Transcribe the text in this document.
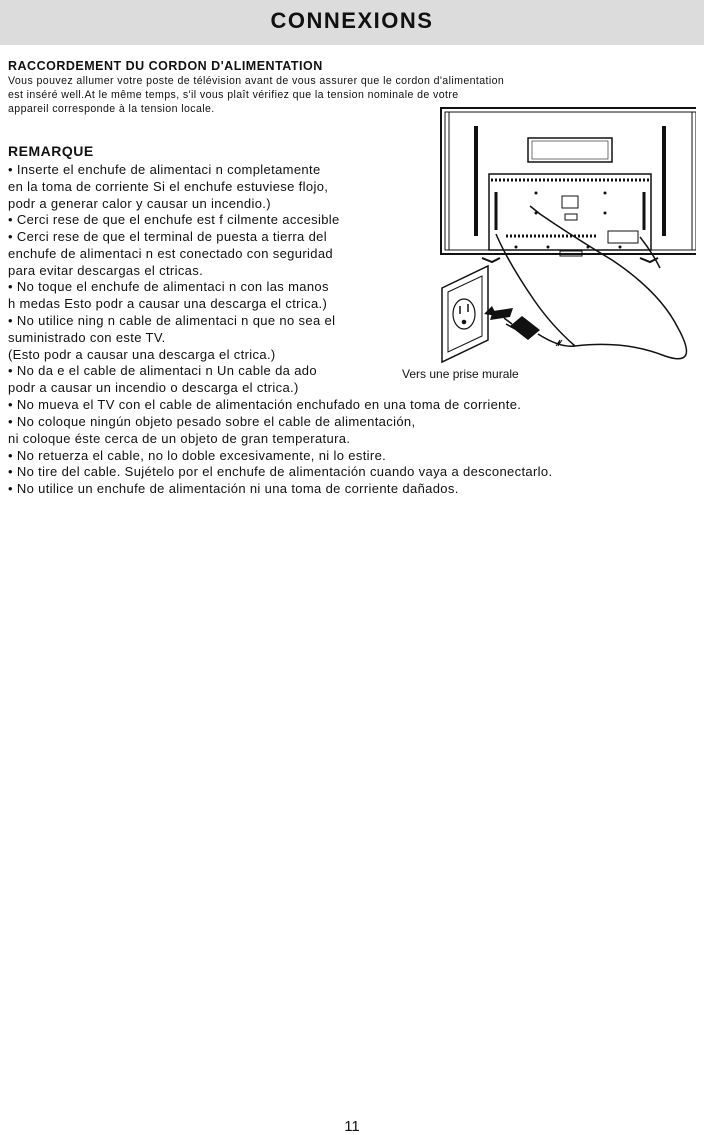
CONNEXIONS
RACCORDEMENT DU CORDON D'ALIMENTATION
Vous pouvez allumer votre poste de télévision avant de vous assurer que le cordon d'alimentation
est inséré well.At le même temps, s'il vous plaît vérifiez que la tension nominale de votre
appareil corresponde à la tension locale.
REMARQUE
• Inserte el enchufe de alimentaci n completamente
en la toma de corriente Si el enchufe estuviese flojo,
podr a generar calor y causar un incendio.)
• Cerci rese de que el enchufe est f cilmente accesible
• Cerci rese de que el terminal de puesta a tierra del
enchufe de alimentaci n est conectado con seguridad
para evitar descargas el ctricas.
• No toque el enchufe de alimentaci n con las manos
h medas Esto podr a causar una descarga el ctrica.)
• No utilice ning n cable de alimentaci n que no sea el
suministrado con este TV.
(Esto podr a causar una descarga el ctrica.)
• No da e el cable de alimentaci n Un cable da ado
podr a causar un incendio o descarga el ctrica.)
• No mueva el TV con el cable de alimentación enchufado en una toma de corriente.
• No coloque ningún objeto pesado sobre el cable de alimentación,
ni coloque éste cerca de un objeto de gran temperatura.
• No retuerza el cable, no lo doble excesivamente, ni lo estire.
• No tire del cable. Sujételo por el enchufe de alimentación cuando vaya a desconectarlo.
• No utilice un enchufe de alimentación ni una toma de corriente dañados.
Vers une prise murale
11
